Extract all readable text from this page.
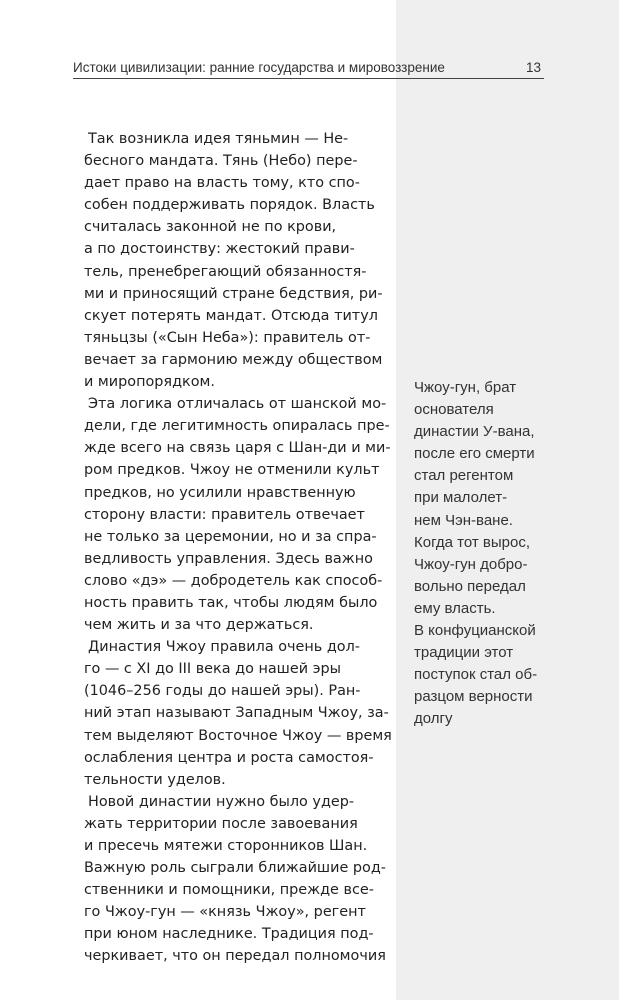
Истоки цивилизации: ранние государства и мировоззрение	13
Так возникла идея тяньмин — Не-
бесного мандата. Тянь (Небо) пере-
дает право на власть тому, кто спо-
собен поддерживать порядок. Власть
считалась законной не по крови,
а по достоинству: жестокий прави-
тель, пренебрегающий обязанностя-
ми и приносящий стране бедствия, ри-
скует потерять мандат. Отсюда титул
тяньцзы («Сын Неба»): правитель от-
вечает за гармонию между обществом
и миропорядком.
Эта логика отличалась от шанской мо-
дели, где легитимность опиралась пре-
жде всего на связь царя с Шан-ди и ми-
ром предков. Чжоу не отменили культ
предков, но усилили нравственную
сторону власти: правитель отвечает
не только за церемонии, но и за спра-
ведливость управления. Здесь важно
слово «дэ» — добродетель как способ-
ность править так, чтобы людям было
чем жить и за что держаться.
Династия Чжоу правила очень дол-
го — с XI до III века до нашей эры
(1046–256 годы до нашей эры). Ран-
ний этап называют Западным Чжоу, за-
тем выделяют Восточное Чжоу — время
ослабления центра и роста самостоя-
тельности уделов.
Новой династии нужно было удер-
жать территории после завоевания
и пресечь мятежи сторонников Шан.
Важную роль сыграли ближайшие род-
ственники и помощники, прежде все-
го Чжоу-гун — «князь Чжоу», регент
при юном наследнике. Традиция под-
черкивает, что он передал полномочия
Чжоу-гун, брат
основателя
династии У-вана,
после его смерти
стал регентом
при малолет-
нем Чэн-ване.
Когда тот вырос,
Чжоу-гун добро-
вольно передал
ему власть.
В конфуцианской
традиции этот
поступок стал об-
разцом верности
долгу
